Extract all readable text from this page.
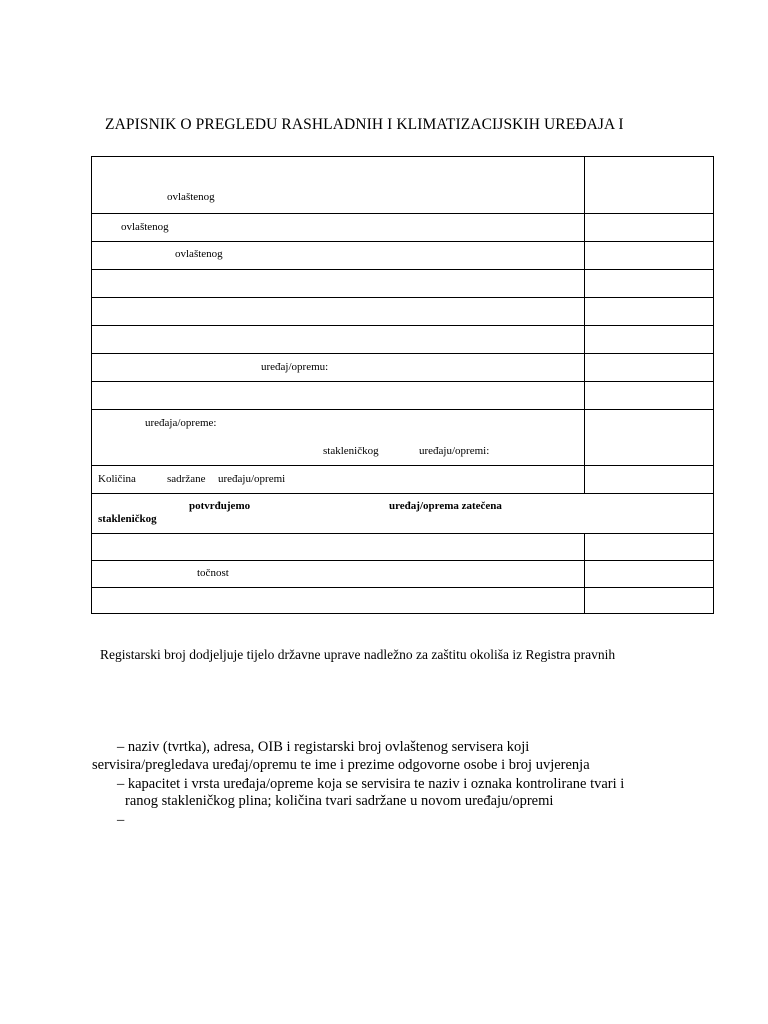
ZAPISNIK O PREGLEDU RASHLADNIH I KLIMATIZACIJSKIH UREĐAJA I
ovlaštenog
ovlaštenog
ovlaštenog
uređaj/opremu:
uređaja/opreme:
stakleničkog	uređaju/opremi:
Količina	sadržane uređaju/opremi
potvrđujemo	uređaj/oprema zatečena
stakleničkog
točnost
Registarski broj dodjeljuje tijelo državne uprave nadležno za zaštitu okoliša iz Registra pravnih
– naziv (tvrtka), adresa, OIB i registarski broj ovlaštenog servisera koji
servisira/pregledava uređaj/opremu te ime i prezime odgovorne osobe i broj uvjerenja
– kapacitet i vrsta uređaja/opreme koja se servisira te naziv i oznaka kontrolirane tvari i
ranog stakleničkog plina; količina tvari sadržane u novom uređaju/opremi
–
